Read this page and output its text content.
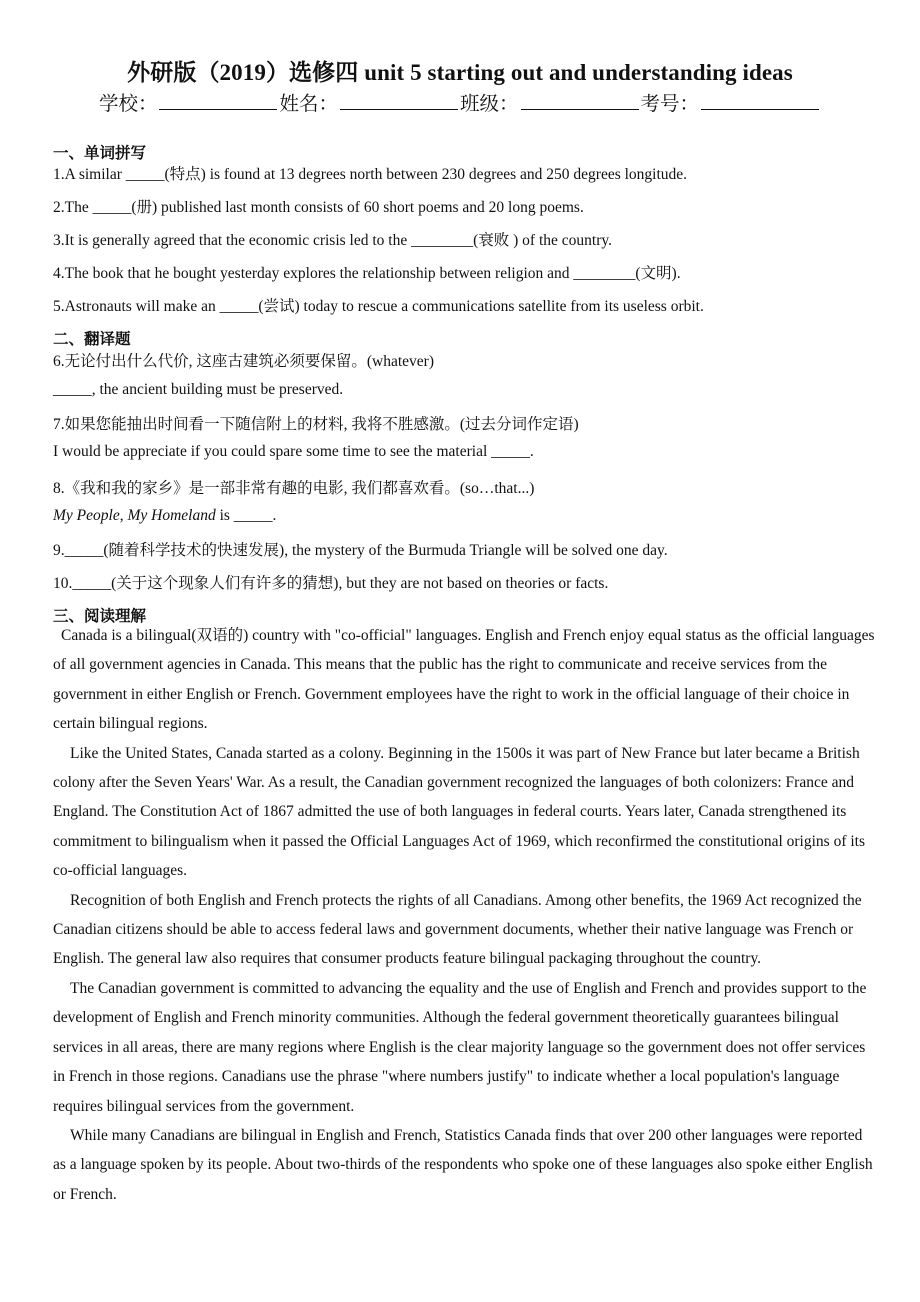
外研版（2019）选修四 unit 5 starting out and understanding ideas
学校：	姓名：	班级：	考号：
一、单词拼写
1.A similar _____(特点) is found at 13 degrees north between 230 degrees and 250 degrees longitude.
2.The _____(册) published last month consists of 60 short poems and 20 long poems.
3.It is generally agreed that the economic crisis led to the ________(衰败 ) of the country.
4.The book that he bought yesterday explores the relationship between religion and ________(文明).
5.Astronauts will make an _____(尝试) today to rescue a communications satellite from its useless orbit.
二、翻译题
6.无论付出什么代价, 这座古建筑必须要保留。(whatever)
_____, the ancient building must be preserved.
7.如果您能抽出时间看一下随信附上的材料, 我将不胜感激。(过去分词作定语)
I would be appreciate if you could spare some time to see the material _____.
8.《我和我的家乡》是一部非常有趣的电影, 我们都喜欢看。(so…that...)
My People, My Homeland is _____.
9._____(随着科学技术的快速发展), the mystery of the Burmuda Triangle will be solved one day.
10._____(关于这个现象人们有许多的猜想), but they are not based on theories or facts.
三、阅读理解

Canada is a bilingual(双语的) country with "co-official" languages. English and French enjoy equal status as the official languages of all government agencies in Canada. This means that the public has the right to communicate and receive services from the government in either English or French. Government employees have the right to work in the official language of their choice in certain bilingual regions.

Like the United States, Canada started as a colony. Beginning in the 1500s it was part of New France but later became a British colony after the Seven Years' War. As a result, the Canadian government recognized the languages of both colonizers: France and England. The Constitution Act of 1867 admitted the use of both languages in federal courts. Years later, Canada strengthened its commitment to bilingualism when it passed the Official Languages Act of 1969, which reconfirmed the constitutional origins of its co-official languages.

Recognition of both English and French protects the rights of all Canadians. Among other benefits, the 1969 Act recognized the Canadian citizens should be able to access federal laws and government documents, whether their native language was French or English. The general law also requires that consumer products feature bilingual packaging throughout the country.

The Canadian government is committed to advancing the equality and the use of English and French and provides support to the development of English and French minority communities. Although the federal government theoretically guarantees bilingual services in all areas, there are many regions where English is the clear majority language so the government does not offer services in French in those regions. Canadians use the phrase "where numbers justify" to indicate whether a local population's language requires bilingual services from the government.

While many Canadians are bilingual in English and French, Statistics Canada finds that over 200 other languages were reported as a language spoken by its people. About two-thirds of the respondents who spoke one of these languages also spoke either English or French.
